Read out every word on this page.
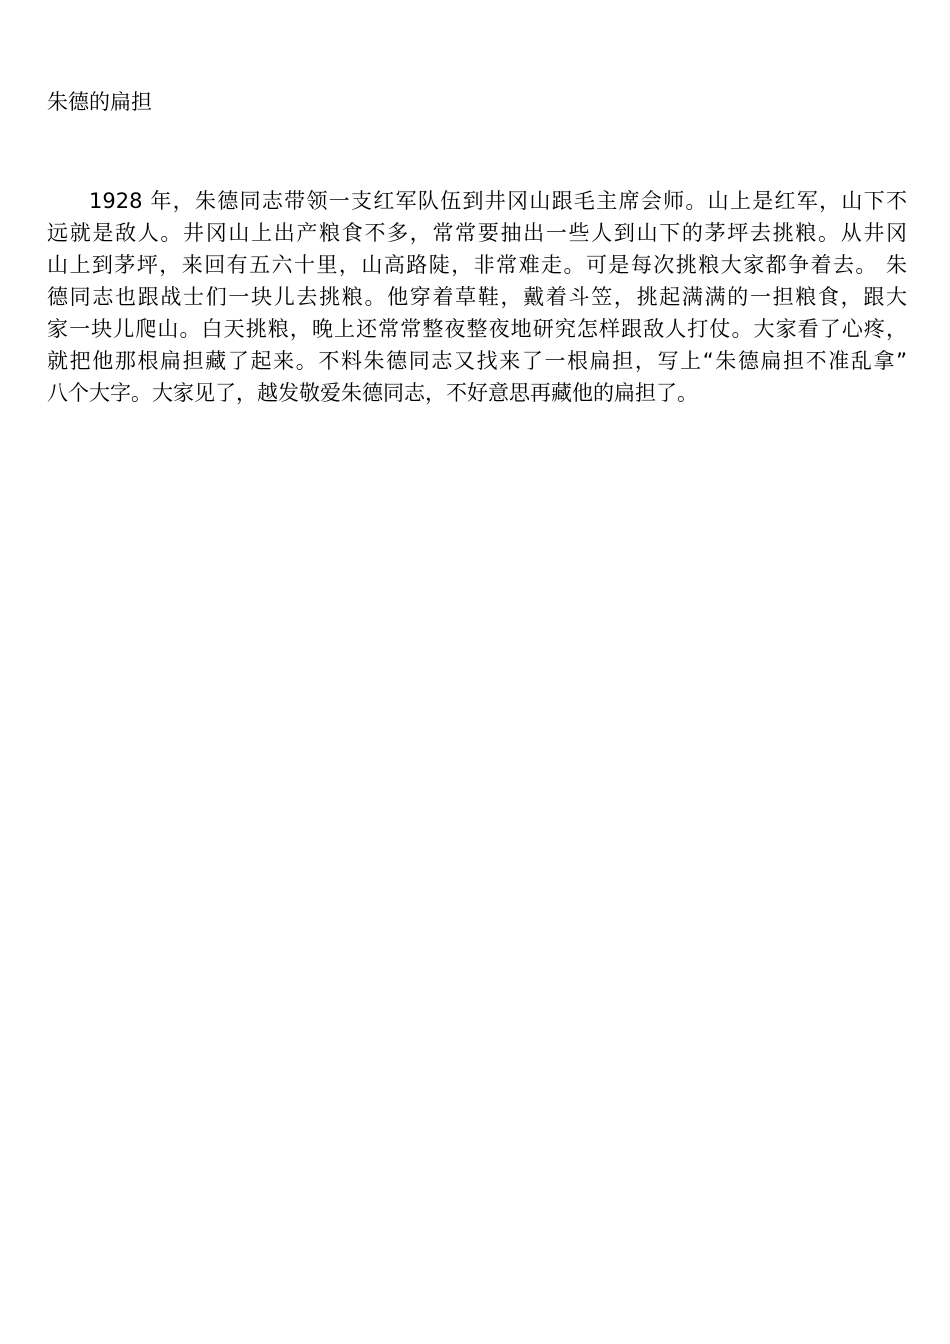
朱德的扁担

1928 年，朱德同志带领一支红军队伍到井冈山跟毛主席会师。山上是红军，山下不
远就是敌人。井冈山上出产粮食不多，常常要抽出一些人到山下的茅坪去挑粮。从井冈
山上到茅坪，来回有五六十里，山高路陡，非常难走。可是每次挑粮大家都争着去。 朱
德同志也跟战士们一块儿去挑粮。他穿着草鞋，戴着斗笠，挑起满满的一担粮食，跟大
家一块儿爬山。白天挑粮，晚上还常常整夜整夜地研究怎样跟敌人打仗。大家看了心疼，
就把他那根扁担藏了起来。不料朱德同志又找来了一根扁担，写上“朱德扁担不准乱拿”
八个大字。大家见了，越发敬爱朱德同志，不好意思再藏他的扁担了。
